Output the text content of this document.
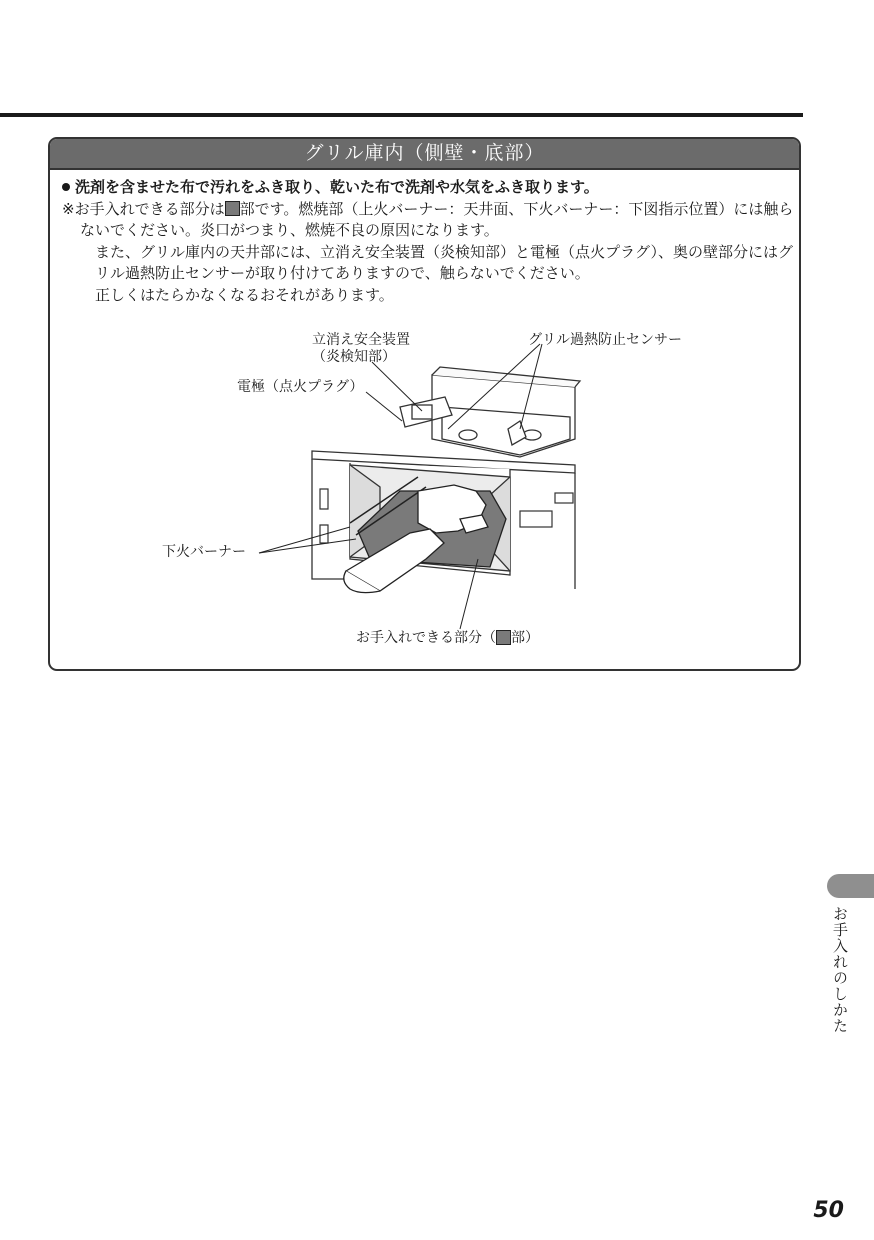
グリル庫内（側壁・底部）
洗剤を含ませた布で汚れをふき取り、乾いた布で洗剤や水気をふき取ります。
※お手入れできる部分は 部です。燃焼部（上火バーナー：天井面、下火バーナー：下図指示位置）には触らないでください。炎口がつまり、燃焼不良の原因になります。
また、グリル庫内の天井部には、立消え安全装置（炎検知部）と電極（点火プラグ）、奥の壁部分にはグリル過熱防止センサーが取り付けてありますので、触らないでください。
正しくはたらかなくなるおそれがあります。
立消え安全装置
（炎検知部）
グリル過熱防止センサー
電極（点火プラグ）
下火バーナー
お手入れできる部分（ 部）
お手入れのしかた
50
